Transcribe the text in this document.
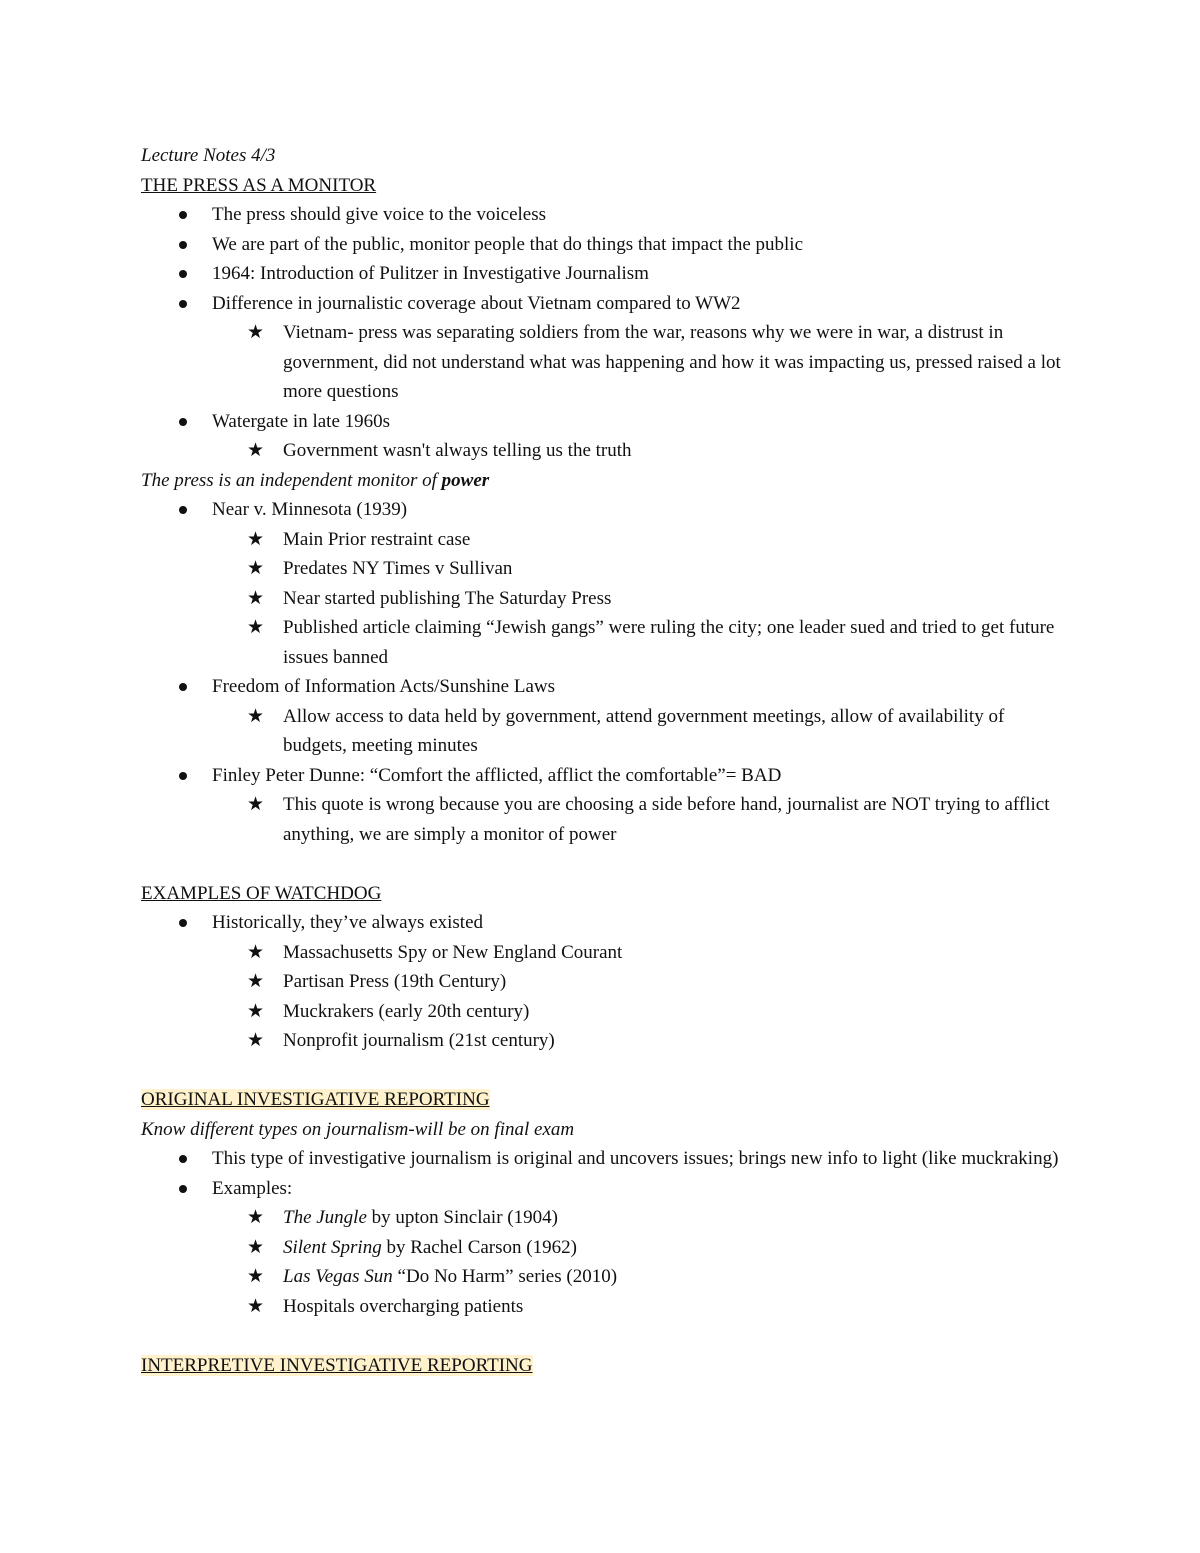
Lecture Notes 4/3
THE PRESS AS A MONITOR
The press should give voice to the voiceless
We are part of the public, monitor people that do things that impact the public
1964: Introduction of Pulitzer in Investigative Journalism
Difference in journalistic coverage about Vietnam compared to WW2
★ Vietnam- press was separating soldiers from the war, reasons why we were in war, a distrust in government, did not understand what was happening and how it was impacting us, pressed raised a lot more questions
Watergate in late 1960s
★ Government wasn't always telling us the truth
The press is an independent monitor of power
Near v. Minnesota (1939)
★ Main Prior restraint case
★ Predates NY Times v Sullivan
★ Near started publishing The Saturday Press
★ Published article claiming “Jewish gangs” were ruling the city; one leader sued and tried to get future issues banned
Freedom of Information Acts/Sunshine Laws
★ Allow access to data held by government, attend government meetings, allow of availability of budgets, meeting minutes
Finley Peter Dunne: “Comfort the afflicted, afflict the comfortable”= BAD
★ This quote is wrong because you are choosing a side before hand, journalist are NOT trying to afflict anything, we are simply a monitor of power
EXAMPLES OF WATCHDOG
Historically, they’ve always existed
★ Massachusetts Spy or New England Courant
★ Partisan Press (19th Century)
★ Muckrakers (early 20th century)
★ Nonprofit journalism (21st century)
ORIGINAL INVESTIGATIVE REPORTING
Know different types on journalism-will be on final exam
This type of investigative journalism is original and uncovers issues; brings new info to light (like muckraking)
Examples:
★ The Jungle by upton Sinclair (1904)
★ Silent Spring by Rachel Carson (1962)
★ Las Vegas Sun “Do No Harm” series (2010)
★ Hospitals overcharging patients
INTERPRETIVE INVESTIGATIVE REPORTING
